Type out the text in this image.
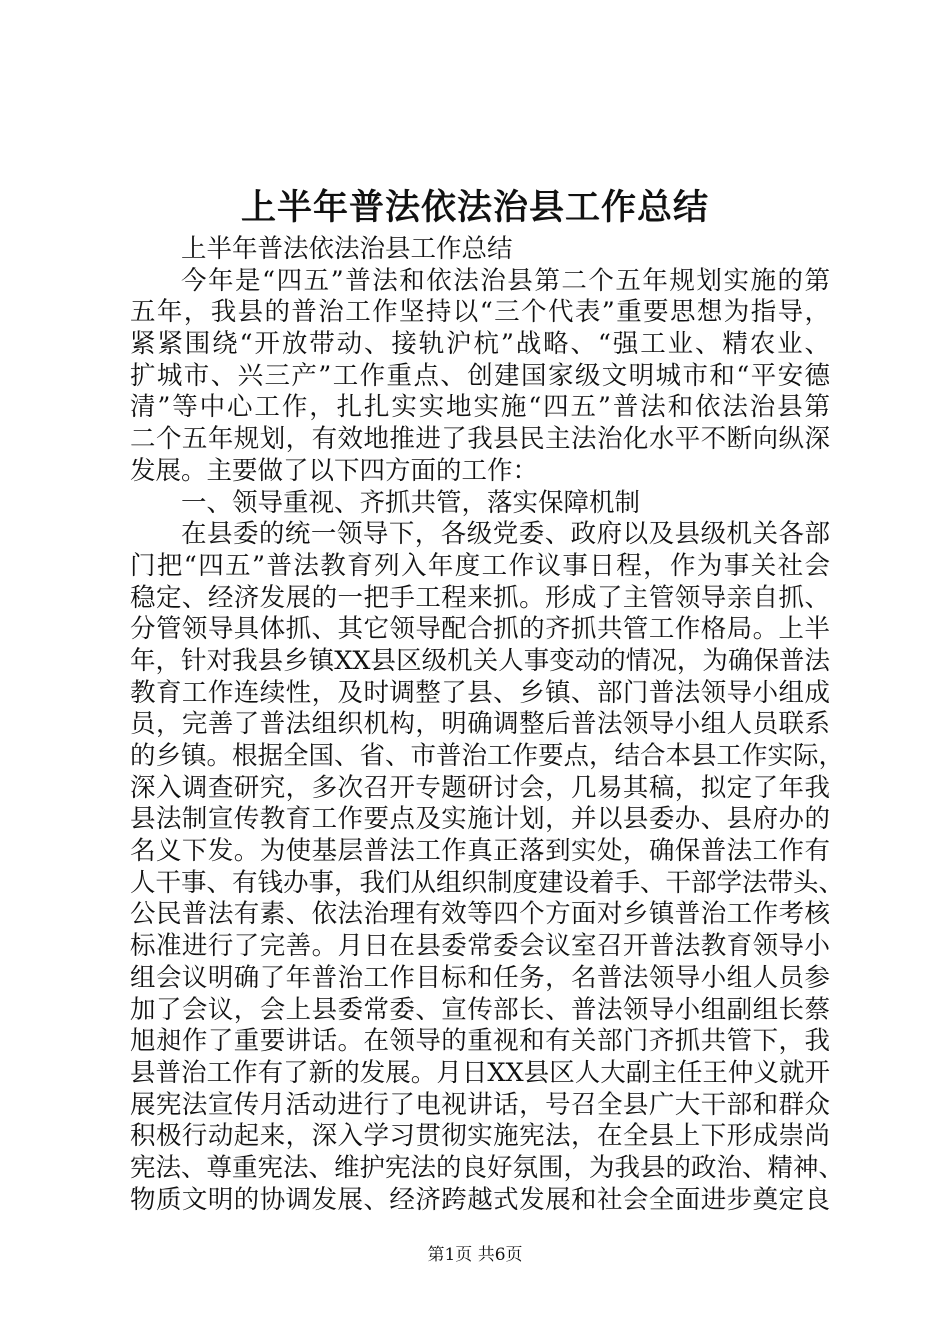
上半年普法依法治县工作总结
上半年普法依法治县工作总结
今年是“四五”普法和依法治县第二个五年规划实施的第
五年，我县的普治工作坚持以“三个代表”重要思想为指导，
紧紧围绕“开放带动、接轨沪杭”战略、“强工业、精农业、
扩城市、兴三产”工作重点、创建国家级文明城市和“平安德
清”等中心工作，扎扎实实地实施“四五”普法和依法治县第
二个五年规划，有效地推进了我县民主法治化水平不断向纵深
发展。主要做了以下四方面的工作：
一、领导重视、齐抓共管，落实保障机制
在县委的统一领导下，各级党委、政府以及县级机关各部
门把“四五”普法教育列入年度工作议事日程，作为事关社会
稳定、经济发展的一把手工程来抓。形成了主管领导亲自抓、
分管领导具体抓、其它领导配合抓的齐抓共管工作格局。上半
年，针对我县乡镇XX县区级机关人事变动的情况，为确保普法
教育工作连续性，及时调整了县、乡镇、部门普法领导小组成
员，完善了普法组织机构，明确调整后普法领导小组人员联系
的乡镇。根据全国、省、市普治工作要点，结合本县工作实际，
深入调查研究，多次召开专题研讨会，几易其稿，拟定了年我
县法制宣传教育工作要点及实施计划，并以县委办、县府办的
名义下发。为使基层普法工作真正落到实处，确保普法工作有
人干事、有钱办事，我们从组织制度建设着手、干部学法带头、
公民普法有素、依法治理有效等四个方面对乡镇普治工作考核
标准进行了完善。月日在县委常委会议室召开普法教育领导小
组会议明确了年普治工作目标和任务，名普法领导小组人员参
加了会议，会上县委常委、宣传部长、普法领导小组副组长蔡
旭昶作了重要讲话。在领导的重视和有关部门齐抓共管下，我
县普治工作有了新的发展。月日XX县区人大副主任王仲义就开
展宪法宣传月活动进行了电视讲话，号召全县广大干部和群众
积极行动起来，深入学习贯彻实施宪法，在全县上下形成崇尚
宪法、尊重宪法、维护宪法的良好氛围，为我县的政治、精神、
物质文明的协调发展、经济跨越式发展和社会全面进步奠定良
第1页 共6页
